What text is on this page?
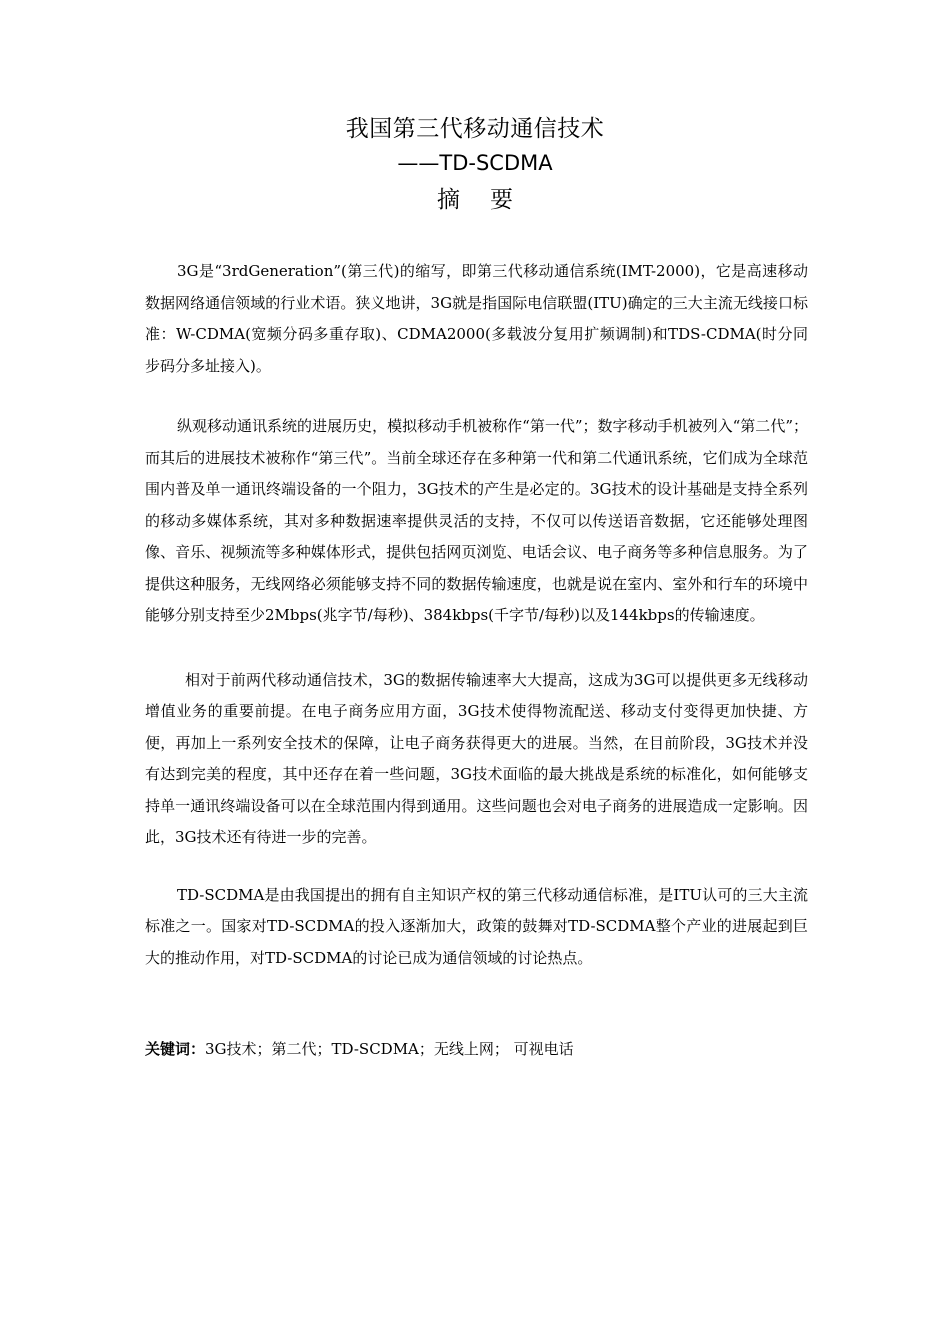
我国第三代移动通信技术
——TD-SCDMA
摘要

3G是“3rdGeneration”(第三代)的缩写，即第三代移动通信系统(IMT-2000)，它是高速移动数据网络通信领域的行业术语。狭义地讲，3G就是指国际电信联盟(ITU)确定的三大主流无线接口标准：W-CDMA(宽频分码多重存取)、CDMA2000(多载波分复用扩频调制)和TDS-CDMA(时分同步码分多址接入)。

纵观移动通讯系统的进展历史，模拟移动手机被称作“第一代”；数字移动手机被列入“第二代”；而其后的进展技术被称作“第三代”。当前全球还存在多种第一代和第二代通讯系统，它们成为全球范围内普及单一通讯终端设备的一个阻力，3G技术的产生是必定的。3G技术的设计基础是支持全系列的移动多媒体系统，其对多种数据速率提供灵活的支持，不仅可以传送语音数据，它还能够处理图像、音乐、视频流等多种媒体形式，提供包括网页浏览、电话会议、电子商务等多种信息服务。为了提供这种服务，无线网络必须能够支持不同的数据传输速度，也就是说在室内、室外和行车的环境中能够分别支持至少2Mbps(兆字节/每秒)、384kbps(千字节/每秒)以及144kbps的传输速度。

相对于前两代移动通信技术，3G的数据传输速率大大提高，这成为3G可以提供更多无线移动增值业务的重要前提。在电子商务应用方面，3G技术使得物流配送、移动支付变得更加快捷、方便，再加上一系列安全技术的保障，让电子商务获得更大的进展。当然，在目前阶段，3G技术并没有达到完美的程度，其中还存在着一些问题，3G技术面临的最大挑战是系统的标准化，如何能够支持单一通讯终端设备可以在全球范围内得到通用。这些问题也会对电子商务的进展造成一定影响。因此，3G技术还有待进一步的完善。

TD-SCDMA是由我国提出的拥有自主知识产权的第三代移动通信标准，是ITU认可的三大主流标准之一。国家对TD-SCDMA的投入逐渐加大，政策的鼓舞对TD-SCDMA整个产业的进展起到巨大的推动作用，对TD-SCDMA的讨论已成为通信领域的讨论热点。

关键词：3G技术；第二代；TD-SCDMA；无线上网； 可视电话
